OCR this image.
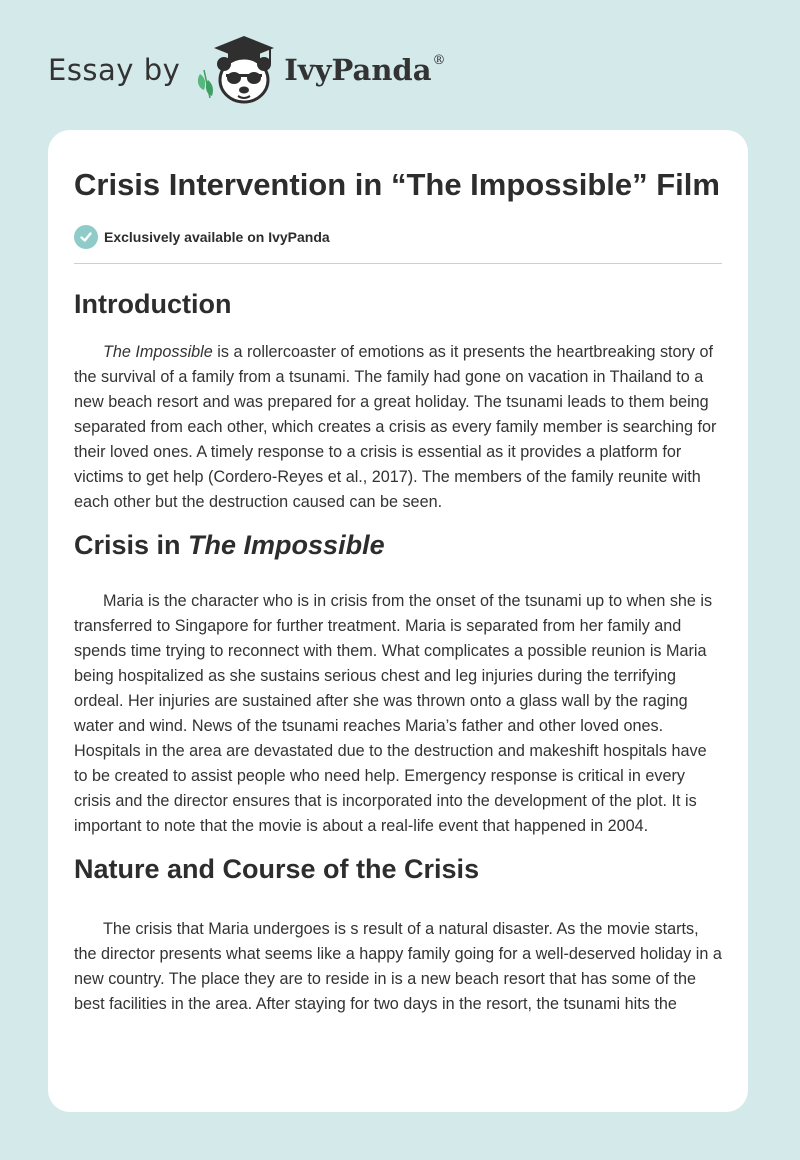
Essay by	IvyPanda®
Crisis Intervention in “The Impossible” Film
Exclusively available on IvyPanda
Introduction

The Impossible is a rollercoaster of emotions as it presents the heartbreaking story of the survival of a family from a tsunami. The family had gone on vacation in Thailand to a new beach resort and was prepared for a great holiday. The tsunami leads to them being separated from each other, which creates a crisis as every family member is searching for their loved ones. A timely response to a crisis is essential as it provides a platform for victims to get help (Cordero-Reyes et al., 2017). The members of the family reunite with each other but the destruction caused can be seen.

Crisis in The Impossible

Maria is the character who is in crisis from the onset of the tsunami up to when she is transferred to Singapore for further treatment. Maria is separated from her family and spends time trying to reconnect with them. What complicates a possible reunion is Maria being hospitalized as she sustains serious chest and leg injuries during the terrifying ordeal. Her injuries are sustained after she was thrown onto a glass wall by the raging water and wind. News of the tsunami reaches Maria’s father and other loved ones. Hospitals in the area are devastated due to the destruction and makeshift hospitals have to be created to assist people who need help. Emergency response is critical in every crisis and the director ensures that is incorporated into the development of the plot. It is important to note that the movie is about a real-life event that happened in 2004.

Nature and Course of the Crisis

The crisis that Maria undergoes is s result of a natural disaster. As the movie starts, the director presents what seems like a happy family going for a well-deserved holiday in a new country. The place they are to reside in is a new beach resort that has some of the best facilities in the area. After staying for two days in the resort, the tsunami hits the
